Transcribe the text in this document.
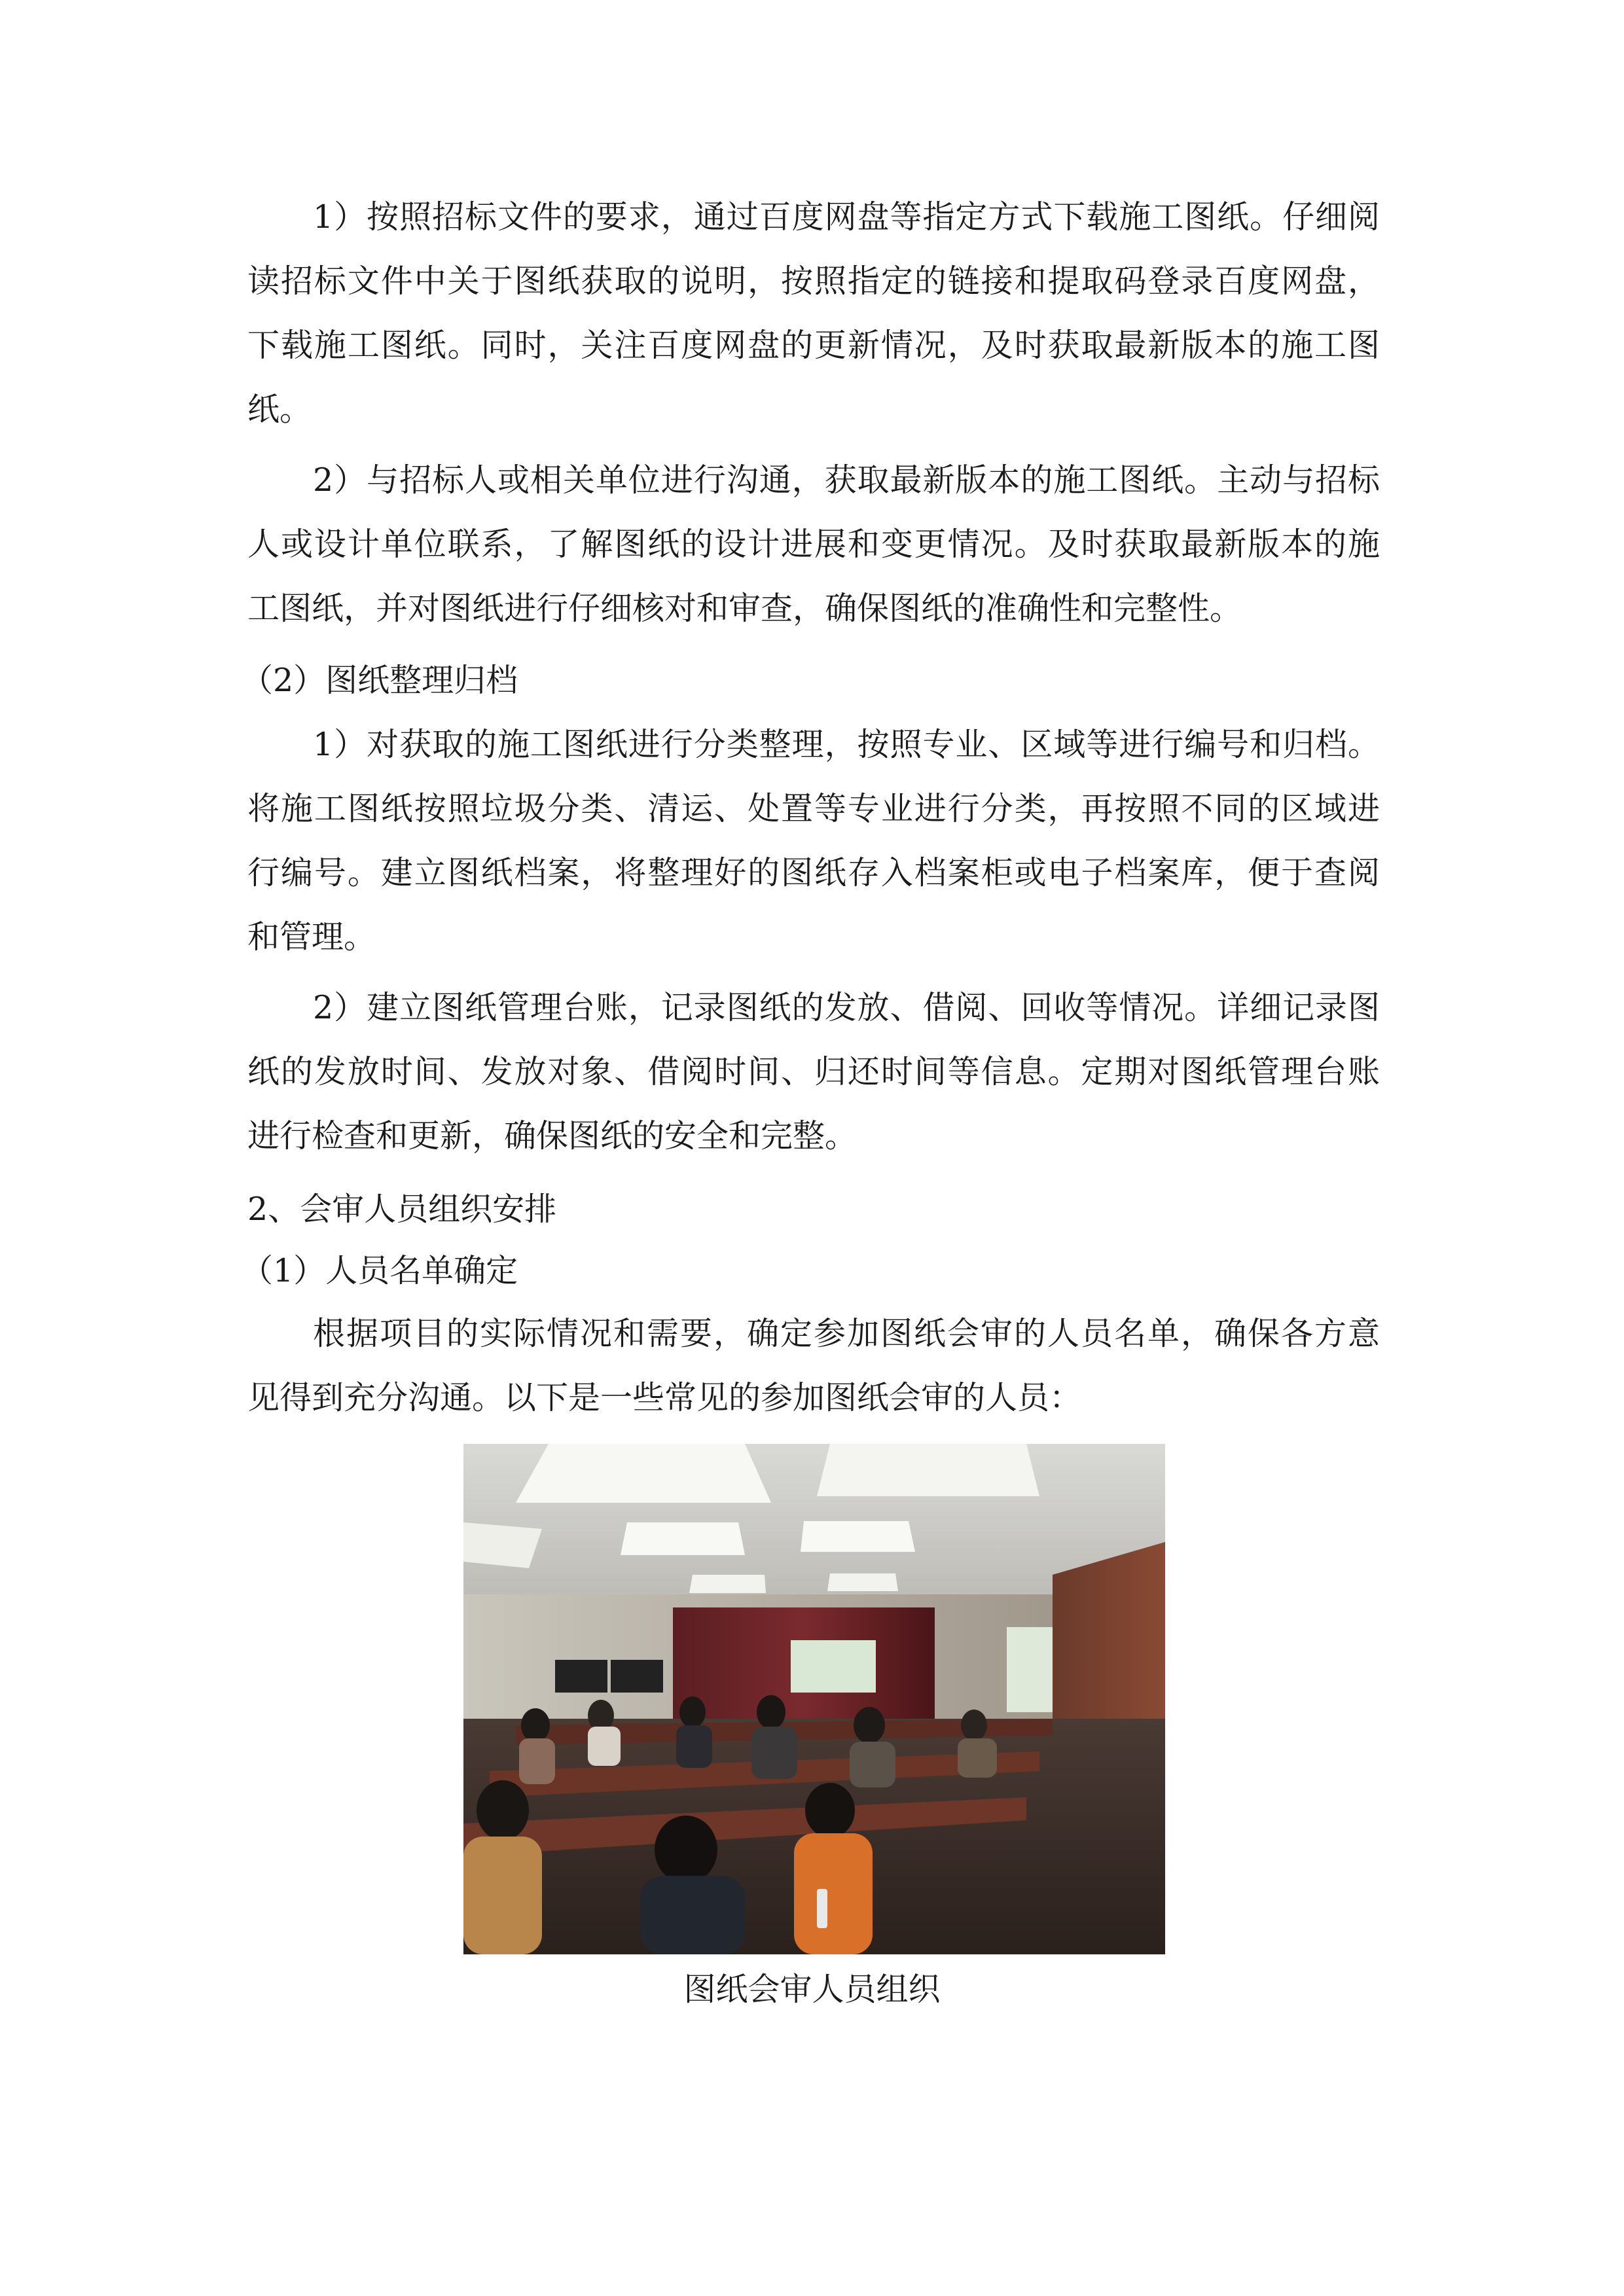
1）按照招标文件的要求，通过百度网盘等指定方式下载施工图纸。仔细阅
读招标文件中关于图纸获取的说明，按照指定的链接和提取码登录百度网盘，
下载施工图纸。同时，关注百度网盘的更新情况，及时获取最新版本的施工图
纸。
2）与招标人或相关单位进行沟通，获取最新版本的施工图纸。主动与招标
人或设计单位联系，了解图纸的设计进展和变更情况。及时获取最新版本的施
工图纸，并对图纸进行仔细核对和审查，确保图纸的准确性和完整性。
（2）图纸整理归档
1）对获取的施工图纸进行分类整理，按照专业、区域等进行编号和归档。
将施工图纸按照垃圾分类、清运、处置等专业进行分类，再按照不同的区域进
行编号。建立图纸档案，将整理好的图纸存入档案柜或电子档案库，便于查阅
和管理。
2）建立图纸管理台账，记录图纸的发放、借阅、回收等情况。详细记录图
纸的发放时间、发放对象、借阅时间、归还时间等信息。定期对图纸管理台账
进行检查和更新，确保图纸的安全和完整。
2、会审人员组织安排
（1）人员名单确定
根据项目的实际情况和需要，确定参加图纸会审的人员名单，确保各方意
见得到充分沟通。以下是一些常见的参加图纸会审的人员：
图纸会审人员组织
